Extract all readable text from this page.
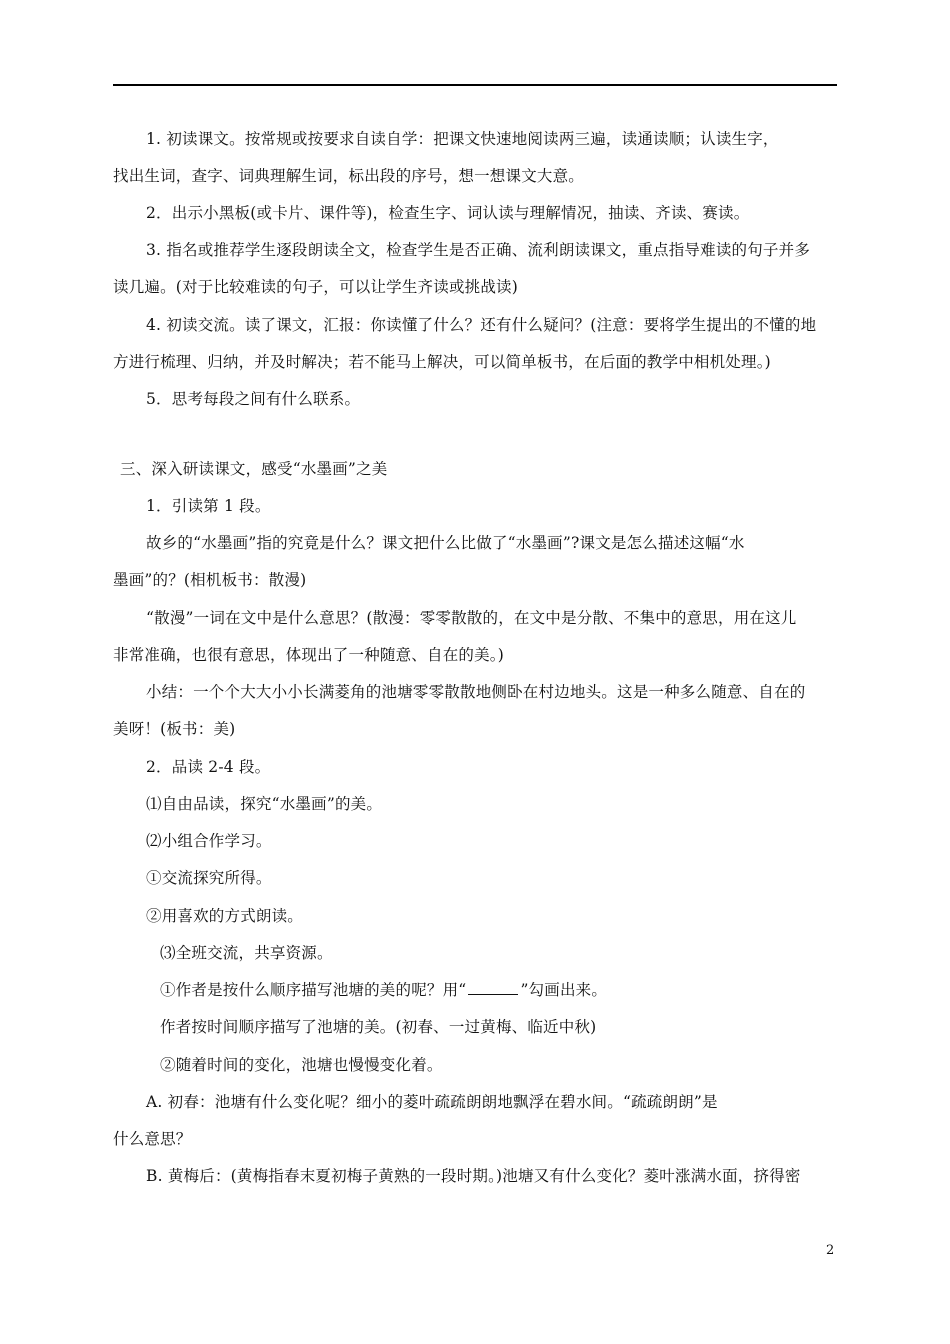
1. 初读课文。按常规或按要求自读自学：把课文快速地阅读两三遍，读通读顺；认读生字，
找出生词，查字、词典理解生词，标出段的序号，想一想课文大意。
2．出示小黑板(或卡片、课件等)，检查生字、词认读与理解情况，抽读、齐读、赛读。
3. 指名或推荐学生逐段朗读全文，检查学生是否正确、流利朗读课文，重点指导难读的句子并多
读几遍。(对于比较难读的句子，可以让学生齐读或挑战读)
4. 初读交流。读了课文，汇报：你读懂了什么？还有什么疑问？(注意：要将学生提出的不懂的地
方进行梳理、归纳，并及时解决；若不能马上解决，可以简单板书，在后面的教学中相机处理。)
5．思考每段之间有什么联系。
三、深入研读课文，感受“水墨画”之美
1．引读第 1 段。
故乡的“水墨画”指的究竟是什么？课文把什么比做了“水墨画”?课文是怎么描述这幅“水
墨画”的？(相机板书：散漫)
“散漫”一词在文中是什么意思？(散漫：零零散散的，在文中是分散、不集中的意思，用在这儿
非常准确，也很有意思，体现出了一种随意、自在的美。)
小结：一个个大大小小长满菱角的池塘零零散散地侧卧在村边地头。这是一种多么随意、自在的
美呀！(板书：美)
2．品读 2-4 段。
⑴自由品读，探究“水墨画”的美。
⑵小组合作学习。
①交流探究所得。
②用喜欢的方式朗读。
⑶全班交流，共享资源。
①作者是按什么顺序描写池塘的美的呢？用“	”勾画出来。
作者按时间顺序描写了池塘的美。(初春、一过黄梅、临近中秋)
②随着时间的变化，池塘也慢慢变化着。
A. 初春：池塘有什么变化呢？细小的菱叶疏疏朗朗地飘浮在碧水间。“疏疏朗朗”是
什么意思？
B. 黄梅后：(黄梅指春末夏初梅子黄熟的一段时期。)池塘又有什么变化？菱叶涨满水面，挤得密
2
